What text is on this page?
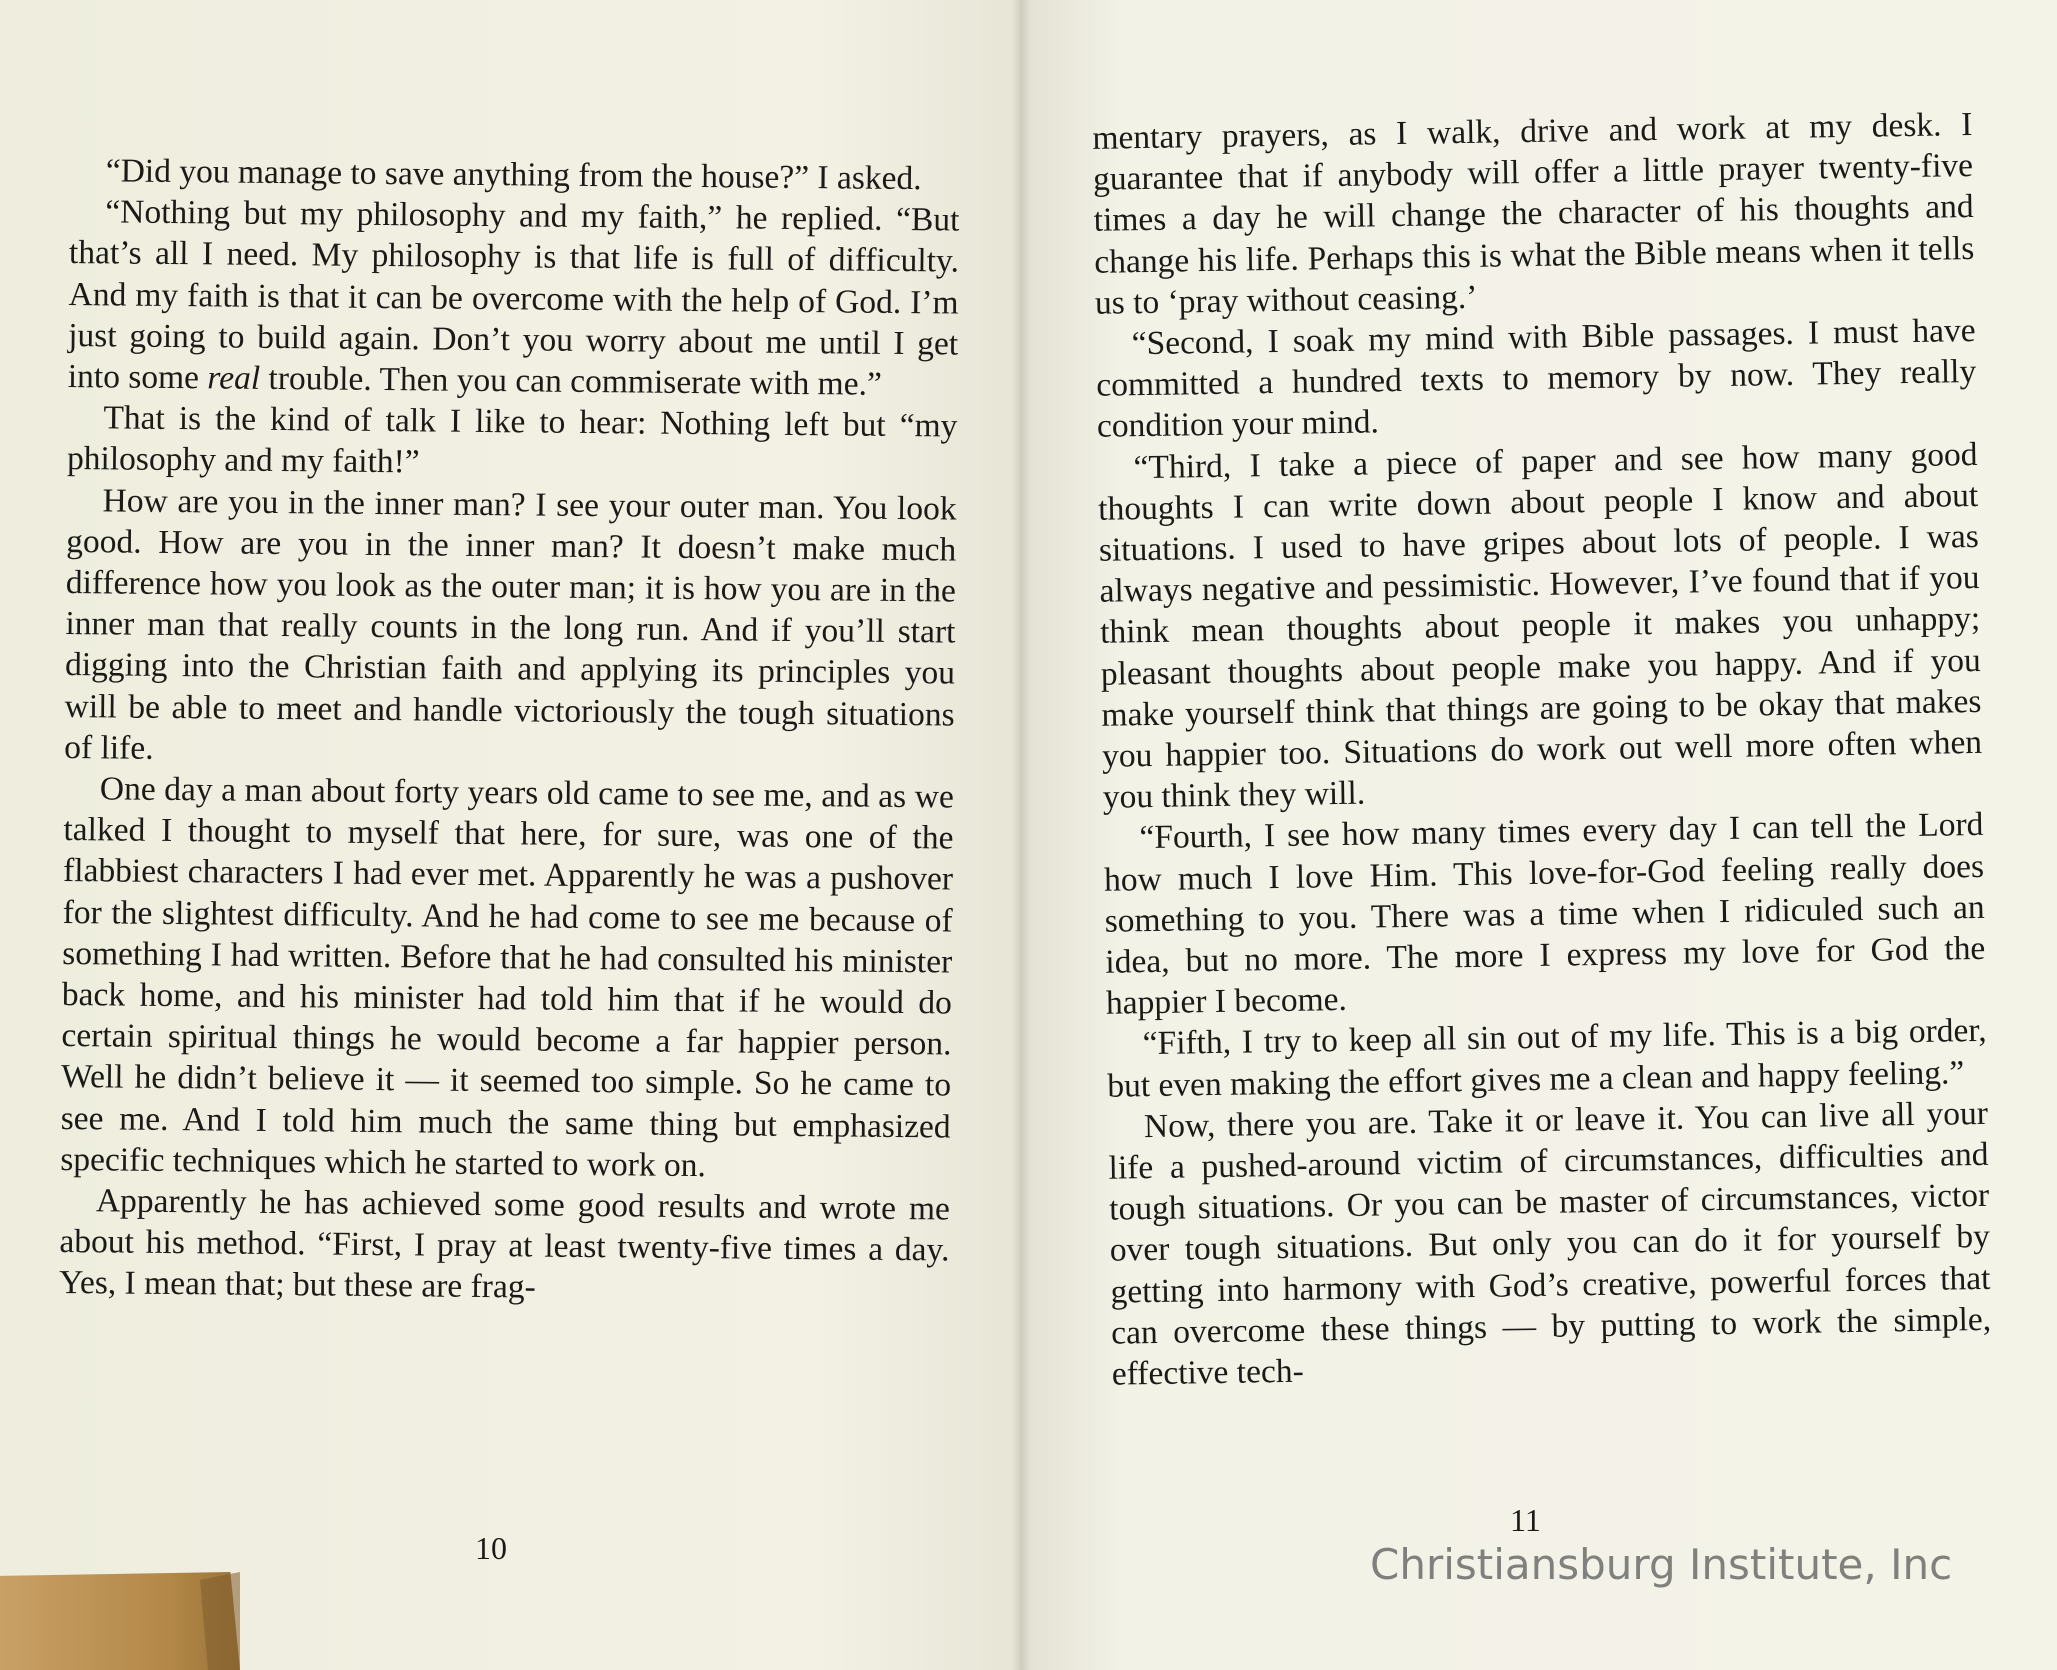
“Did you manage to save anything from the house?” I asked.

“Nothing but my philosophy and my faith,” he replied. “But that’s all I need. My philosophy is that life is full of difficulty. And my faith is that it can be overcome with the help of God. I’m just going to build again. Don’t you worry about me until I get into some real trouble. Then you can commiserate with me.”

That is the kind of talk I like to hear: Nothing left but “my philosophy and my faith!”

How are you in the inner man? I see your outer man. You look good. How are you in the inner man? It doesn’t make much difference how you look as the outer man; it is how you are in the inner man that really counts in the long run. And if you’ll start digging into the Christian faith and applying its principles you will be able to meet and handle victoriously the tough situations of life.

One day a man about forty years old came to see me, and as we talked I thought to myself that here, for sure, was one of the flabbiest characters I had ever met. Apparently he was a pushover for the slightest difficulty. And he had come to see me because of something I had written. Before that he had consulted his minister back home, and his minister had told him that if he would do certain spiritual things he would become a far happier person. Well he didn’t believe it — it seemed too simple. So he came to see me. And I told him much the same thing but emphasized specific techniques which he started to work on.

Apparently he has achieved some good results and wrote me about his method. “First, I pray at least twenty-five times a day. Yes, I mean that; but these are frag-

10

mentary prayers, as I walk, drive and work at my desk. I guarantee that if anybody will offer a little prayer twenty-five times a day he will change the character of his thoughts and change his life. Perhaps this is what the Bible means when it tells us to ‘pray without ceasing.’

“Second, I soak my mind with Bible passages. I must have committed a hundred texts to memory by now. They really condition your mind.

“Third, I take a piece of paper and see how many good thoughts I can write down about people I know and about situations. I used to have gripes about lots of people. I was always negative and pessimistic. However, I’ve found that if you think mean thoughts about people it makes you unhappy; pleasant thoughts about people make you happy. And if you make yourself think that things are going to be okay that makes you happier too. Situations do work out well more often when you think they will.

“Fourth, I see how many times every day I can tell the Lord how much I love Him. This love-for-God feeling really does something to you. There was a time when I ridiculed such an idea, but no more. The more I express my love for God the happier I become.

“Fifth, I try to keep all sin out of my life. This is a big order, but even making the effort gives me a clean and happy feeling.”

Now, there you are. Take it or leave it. You can live all your life a pushed-around victim of circumstances, difficulties and tough situations. Or you can be master of circumstances, victor over tough situations. But only you can do it for yourself by getting into harmony with God’s creative, powerful forces that can overcome these things — by putting to work the simple, effective tech-

11
Christiansburg Institute, Inc
